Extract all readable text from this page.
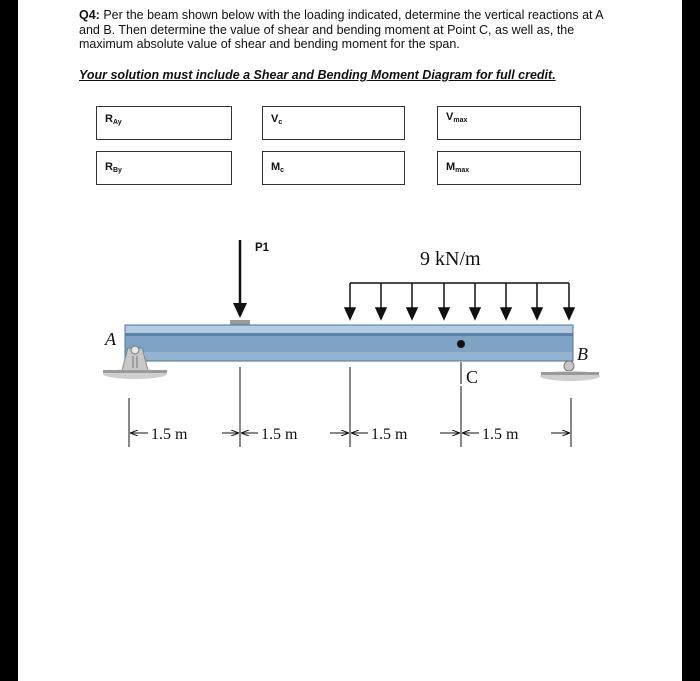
Q4: Per the beam shown below with the loading indicated, determine the vertical reactions at A and B. Then determine the value of shear and bending moment at Point C, as well as, the maximum absolute value of shear and bending moment for the span.
Your solution must include a Shear and Bending Moment Diagram for full credit.
$R_{Ay}$	$V_c$	$V_{max}$
$R_{By}$	$M_c$	$M_{max}$
P1	9 kN/m
C
A
B
1.5 m	1.5 m	1.5 m	1.5 m
